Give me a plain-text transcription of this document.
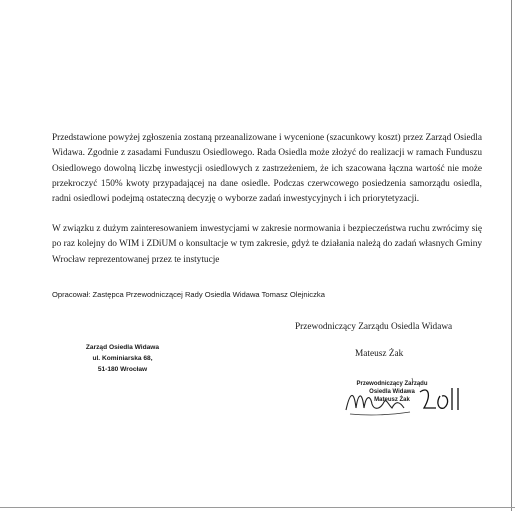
Przedstawione powyżej zgłoszenia zostaną przeanalizowane i wycenione (szacunkowy koszt) przez Zarząd Osiedla Widawa. Zgodnie z zasadami Funduszu Osiedlowego. Rada Osiedla może złożyć do realizacji w ramach Funduszu Osiedlowego dowolną liczbę inwestycji osiedlowych z zastrzeżeniem, że ich szacowana łączna wartość nie może przekroczyć 150% kwoty przypadającej na dane osiedle. Podczas czerwcowego posiedzenia samorządu osiedla, radni osiedlowi podejmą ostateczną decyzję o wyborze zadań inwestycyjnych i ich priorytetyzacji.

W związku z dużym zainteresowaniem inwestycjami w zakresie normowania i bezpieczeństwa ruchu zwrócimy się po raz kolejny do WIM i ZDiUM o konsultacje w tym zakresie, gdyż te działania należą do zadań własnych Gminy Wrocław reprezentowanej przez te instytucje

Opracował: Zastępca Przewodniczącej Rady Osiedla Widawa Tomasz Olejniczka
Przewodniczący Zarządu Osiedla Widawa
Mateusz Żak
Zarząd Osiedla Widawa
ul. Kominiarska 68,
51-180 Wrocław
Przewodniczący Zarządu
Osiedla Widawa
Mateusz Żak
